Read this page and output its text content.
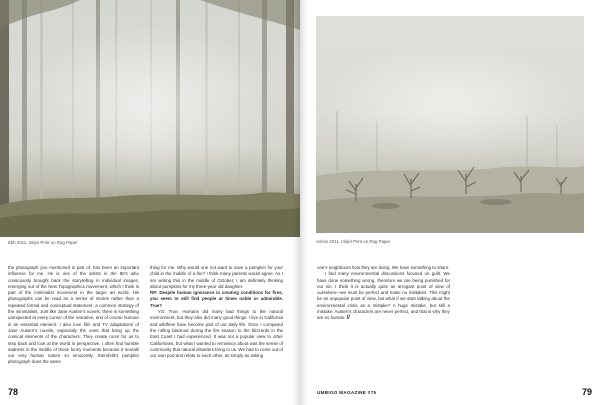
Ekh 2011. Inkjet Print on Rag Paper

the photograph you mentioned is part of, has been an important influence for me. He is one of the artists in the 80’s who consciously brought back the storytelling in individual images, emerging out of the New Topographics movement, which I think is part of the minimalist movement in the larger art world. His photographs can be read as a series of stories rather than a repeated formal and conceptual statement, a common strategy of the minimalists. Just like Jane Austen’s novels, there is something unexpected at every corner of the narrative, and of course humour is an essential element. I also love film and TV adaptations of Jane Austen’s novels, especially the ones that bring up the comical elements of the characters. They create room for us to step back and look at the world in perspective. I often find humble sadness in the middle of those funny moments because it reveals our very human nature so innocently. Sternfeld’s pumpkin photograph does the same

thing for me. Why would one not want to save a pumpkin for your child in the middle of a fire? I think many parents would agree. As I am writing this in the middle of October, I am definitely thinking about pumpkins for my three-year old daughter.

RP: Despite human ignorance in creating conditions for fires, you seem to still find people at times noble or admirable. True?

YS: True. Humans did many bad things to the natural environment, but they also did many good things. I live in California and wildfires have become part of our daily life. Once I compared the rolling blackout during the fire season to the blizzards in the East Coast I had experienced. It was not a popular view to other Californians, but what I wanted to reminisce about was the sense of community that natural disasters bring to us. We had to come out of our own pod and relate to each other, as simply as asking

78
Ashes 2011. Inkjet Print on Rag Paper

one’s neighbours how they are doing. We have something to share.

I find many environmental discussions focused on guilt. We have done something wrong, therefore we are being punished for our sin. I think it is actually quite an arrogant point of view of ourselves—we must be perfect and make no mistakes. This might be an unpopular point of view, but what if we start talking about the environmental crisis as a mistake? A huge mistake, but still a mistake. Austen’s characters are never perfect, and that is why they are so human. //

UMBIGO MAGAZINE #75	79
